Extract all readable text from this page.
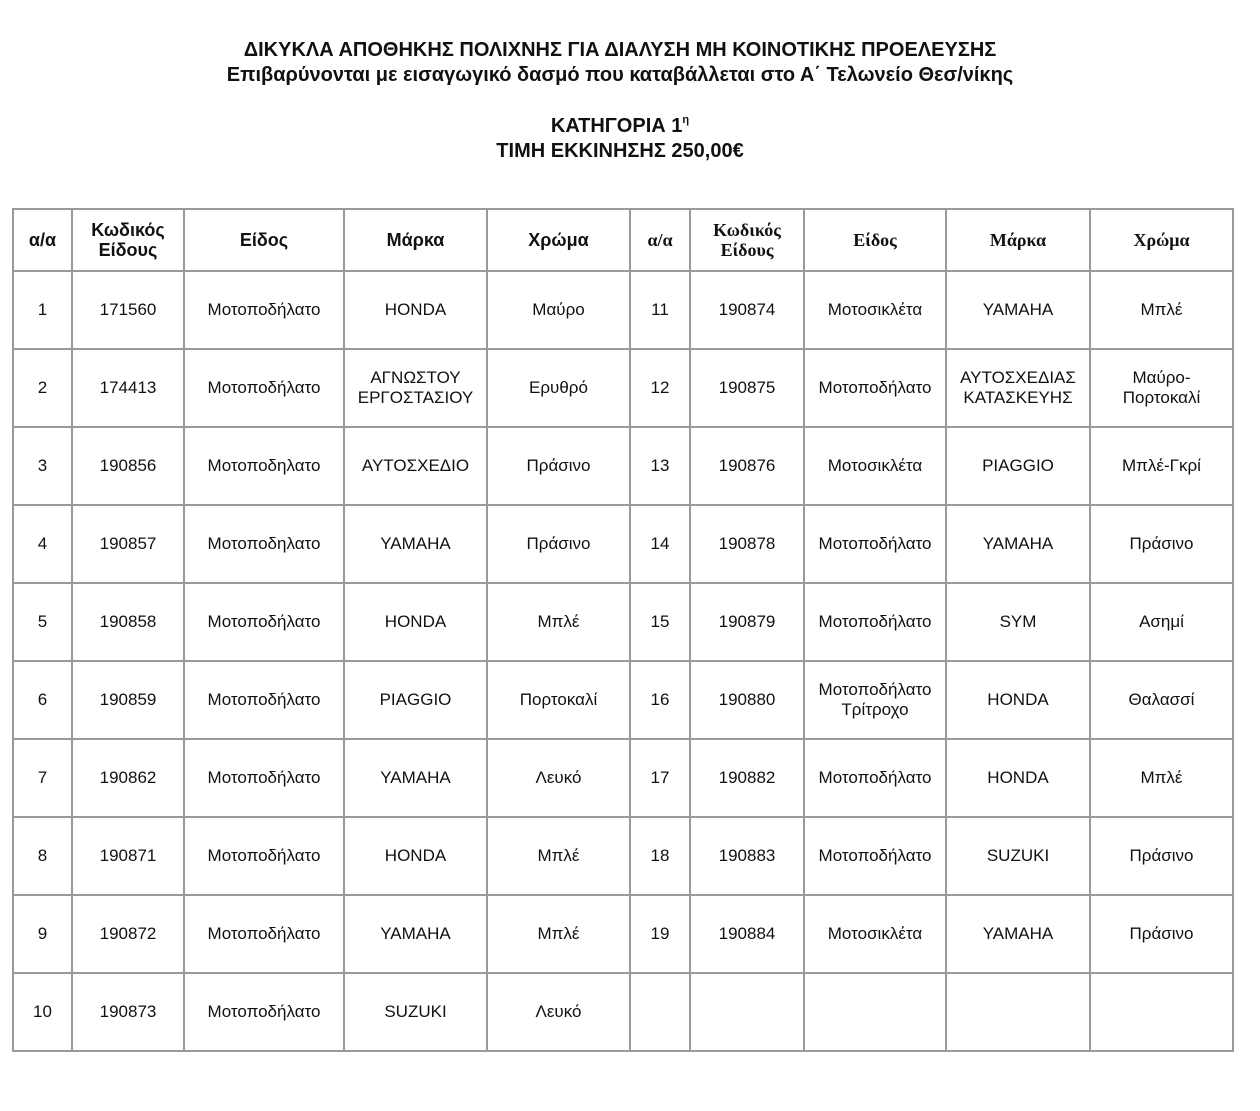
ΔΙΚΥΚΛΑ ΑΠΟΘΗΚΗΣ ΠΟΛΙΧΝΗΣ ΓΙΑ ΔΙΑΛΥΣΗ ΜΗ ΚΟΙΝΟΤΙΚΗΣ ΠΡΟΕΛΕΥΣΗΣ
Επιβαρύνονται με εισαγωγικό δασμό που καταβάλλεται στο Α΄ Τελωνείο Θεσ/νίκης
ΚΑΤΗΓΟΡΙΑ $1^\eta$
ΤΙΜΗ ΕΚΚΙΝΗΣΗΣ 250,00€
α/α	Κωδικός Είδους	Είδος	Μάρκα	Χρώμα	α/α	Κωδικός Είδους	Είδος	Μάρκα	Χρώμα
1	171560	Μοτοποδήλατο	HONDA	Μαύρο	11	190874	Μοτοσικλέτα	YAMAHA	Μπλέ
2	174413	Μοτοποδήλατο	ΑΓΝΩΣΤΟΥ ΕΡΓΟΣΤΑΣΙΟΥ	Ερυθρό	12	190875	Μοτοποδήλατο	ΑΥΤΟΣΧΕΔΙΑΣ ΚΑΤΑΣΚΕΥΗΣ	Μαύρο-Πορτοκαλί
3	190856	Μοτοποδηλατο	ΑΥΤΟΣΧΕΔΙΟ	Πράσινο	13	190876	Μοτοσικλέτα	PIAGGIO	Μπλέ-Γκρί
4	190857	Μοτοποδηλατο	YAMAHA	Πράσινο	14	190878	Μοτοποδήλατο	YAMAHA	Πράσινο
5	190858	Μοτοποδήλατο	HONDA	Μπλέ	15	190879	Μοτοποδήλατο	SYM	Ασημί
6	190859	Μοτοποδήλατο	PIAGGIO	Πορτοκαλί	16	190880	Μοτοποδήλατο Τρίτροχο	HONDA	Θαλασσί
7	190862	Μοτοποδήλατο	YAMAHA	Λευκό	17	190882	Μοτοποδήλατο	HONDA	Μπλέ
8	190871	Μοτοποδήλατο	HONDA	Μπλέ	18	190883	Μοτοποδήλατο	SUZUKI	Πράσινο
9	190872	Μοτοποδήλατο	YAMAHA	Μπλέ	19	190884	Μοτοσικλέτα	YAMAHA	Πράσινο
10	190873	Μοτοποδήλατο	SUZUKI	Λευκό					
